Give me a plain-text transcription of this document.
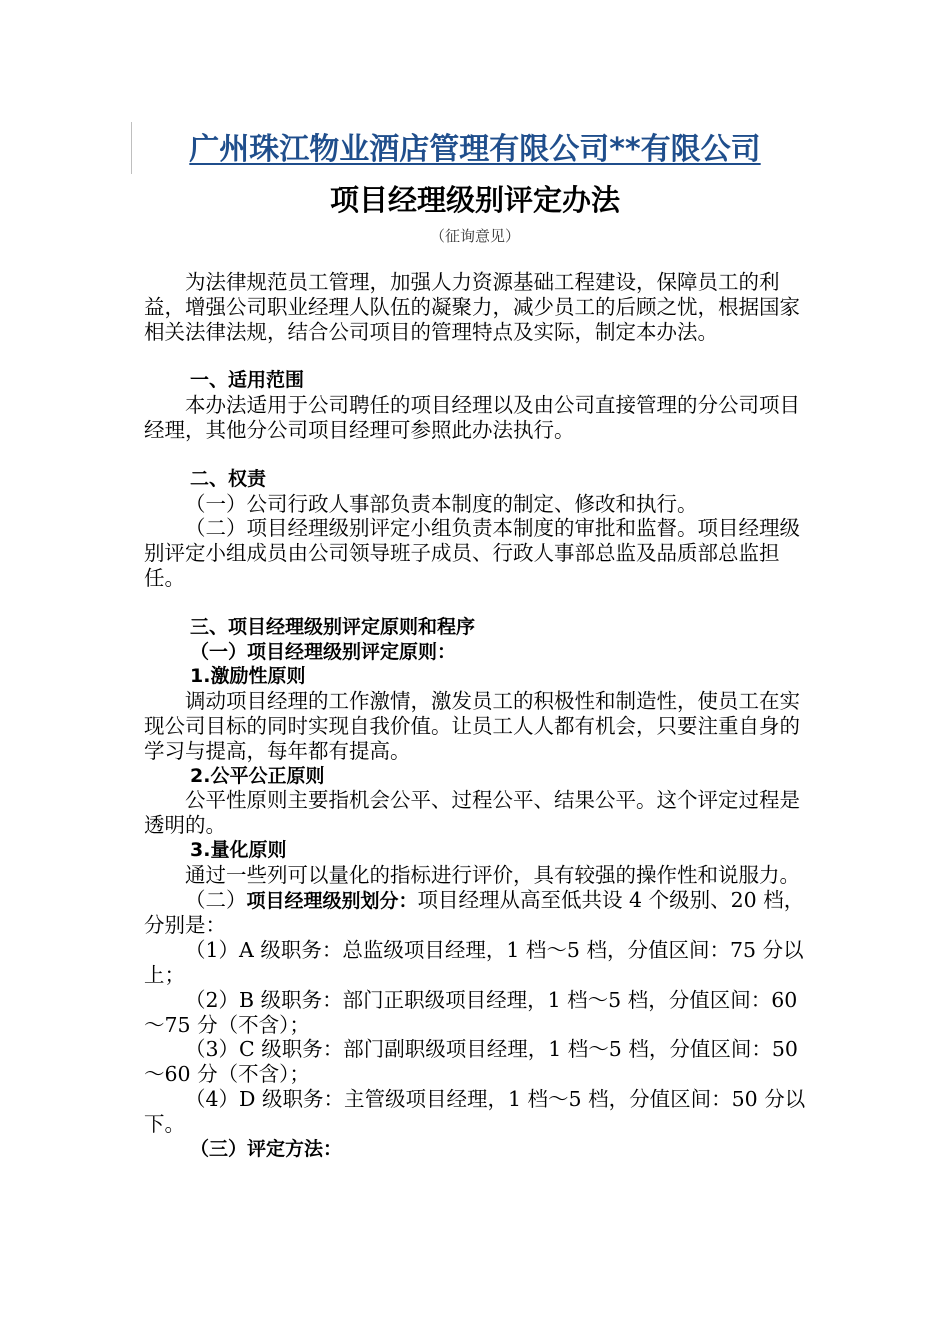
广州珠江物业酒店管理有限公司**有限公司
项目经理级别评定办法
（征询意见）

为法律规范员工管理，加强人力资源基础工程建设，保障员工的利益，增强公司职业经理人队伍的凝聚力，减少员工的后顾之忧，根据国家相关法律法规，结合公司项目的管理特点及实际，制定本办法。

一、适用范围

本办法适用于公司聘任的项目经理以及由公司直接管理的分公司项目经理，其他分公司项目经理可参照此办法执行。

二、权责

（一）公司行政人事部负责本制度的制定、修改和执行。

（二）项目经理级别评定小组负责本制度的审批和监督。项目经理级别评定小组成员由公司领导班子成员、行政人事部总监及品质部总监担任。

三、项目经理级别评定原则和程序

（一）项目经理级别评定原则：

1.激励性原则

调动项目经理的工作激情，激发员工的积极性和制造性，使员工在实现公司目标的同时实现自我价值。让员工人人都有机会，只要注重自身的学习与提高，每年都有提高。

2.公平公正原则

公平性原则主要指机会公平、过程公平、结果公平。这个评定过程是透明的。

3.量化原则

通过一些列可以量化的指标进行评价，具有较强的操作性和说服力。

（二）项目经理级别划分：项目经理从高至低共设 4 个级别、20 档，分别是：

（1）A 级职务：总监级项目经理，1 档～5 档，分值区间：75 分以上；

（2）B 级职务：部门正职级项目经理，1 档～5 档，分值区间：60～75 分（不含）；

（3）C 级职务：部门副职级项目经理，1 档～5 档，分值区间：50～60 分（不含）；

（4）D 级职务：主管级项目经理，1 档～5 档，分值区间：50 分以下。

（三）评定方法：
